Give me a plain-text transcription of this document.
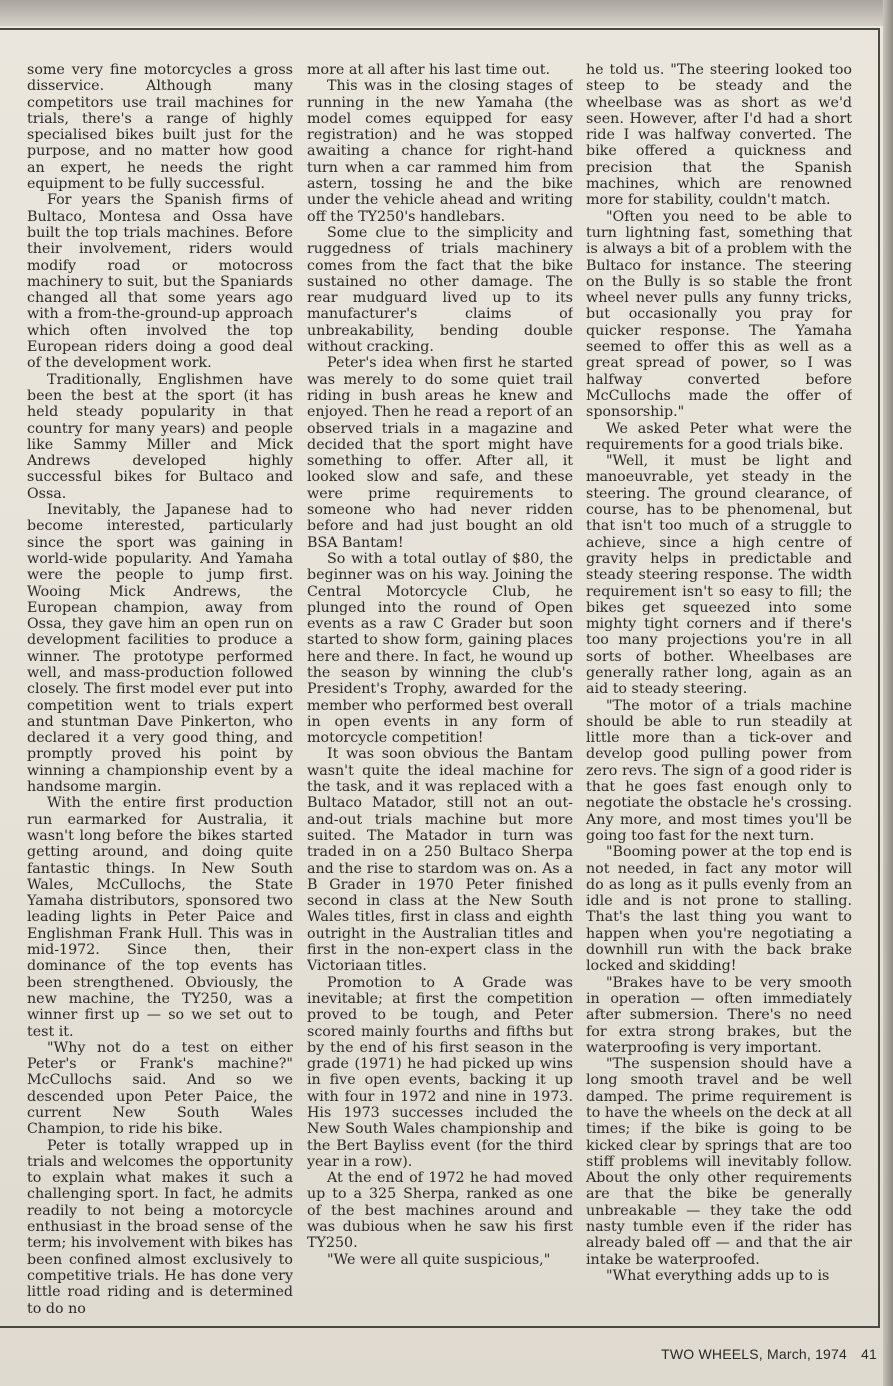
some very fine motorcycles a gross disservice. Although many competitors use trail machines for trials, there's a range of highly specialised bikes built just for the purpose, and no matter how good an expert, he needs the right equipment to be fully successful.

For years the Spanish firms of Bultaco, Montesa and Ossa have built the top trials machines. Before their involvement, riders would modify road or motocross machinery to suit, but the Spaniards changed all that some years ago with a from-the-ground-up approach which often involved the top European riders doing a good deal of the development work.

Traditionally, Englishmen have been the best at the sport (it has held steady popularity in that country for many years) and people like Sammy Miller and Mick Andrews developed highly successful bikes for Bultaco and Ossa.

Inevitably, the Japanese had to become interested, particularly since the sport was gaining in world-wide popularity. And Yamaha were the people to jump first. Wooing Mick Andrews, the European champion, away from Ossa, they gave him an open run on development facilities to produce a winner. The prototype performed well, and mass-production followed closely. The first model ever put into competition went to trials expert and stuntman Dave Pinkerton, who declared it a very good thing, and promptly proved his point by winning a championship event by a handsome margin.

With the entire first production run earmarked for Australia, it wasn't long before the bikes started getting around, and doing quite fantastic things. In New South Wales, McCullochs, the State Yamaha distributors, sponsored two leading lights in Peter Paice and Englishman Frank Hull. This was in mid-1972. Since then, their dominance of the top events has been strengthened. Obviously, the new machine, the TY250, was a winner first up — so we set out to test it.

"Why not do a test on either Peter's or Frank's machine?" McCullochs said. And so we descended upon Peter Paice, the current New South Wales Champion, to ride his bike.

Peter is totally wrapped up in trials and welcomes the opportunity to explain what makes it such a challenging sport. In fact, he admits readily to not being a motorcycle enthusiast in the broad sense of the term; his involvement with bikes has been confined almost exclusively to competitive trials. He has done very little road riding and is determined to do no

more at all after his last time out.

This was in the closing stages of running in the new Yamaha (the model comes equipped for easy registration) and he was stopped awaiting a chance for right-hand turn when a car rammed him from astern, tossing he and the bike under the vehicle ahead and writing off the TY250's handlebars.

Some clue to the simplicity and ruggedness of trials machinery comes from the fact that the bike sustained no other damage. The rear mudguard lived up to its manufacturer's claims of unbreakability, bending double without cracking.

Peter's idea when first he started was merely to do some quiet trail riding in bush areas he knew and enjoyed. Then he read a report of an observed trials in a magazine and decided that the sport might have something to offer. After all, it looked slow and safe, and these were prime requirements to someone who had never ridden before and had just bought an old BSA Bantam!

So with a total outlay of $80, the beginner was on his way. Joining the Central Motorcycle Club, he plunged into the round of Open events as a raw C Grader but soon started to show form, gaining places here and there. In fact, he wound up the season by winning the club's President's Trophy, awarded for the member who performed best overall in open events in any form of motorcycle competition!

It was soon obvious the Bantam wasn't quite the ideal machine for the task, and it was replaced with a Bultaco Matador, still not an out-and-out trials machine but more suited. The Matador in turn was traded in on a 250 Bultaco Sherpa and the rise to stardom was on. As a B Grader in 1970 Peter finished second in class at the New South Wales titles, first in class and eighth outright in the Australian titles and first in the non-expert class in the Victoriaan titles.

Promotion to A Grade was inevitable; at first the competition proved to be tough, and Peter scored mainly fourths and fifths but by the end of his first season in the grade (1971) he had picked up wins in five open events, backing it up with four in 1972 and nine in 1973. His 1973 successes included the New South Wales championship and the Bert Bayliss event (for the third year in a row).

At the end of 1972 he had moved up to a 325 Sherpa, ranked as one of the best machines around and was dubious when he saw his first TY250.

"We were all quite suspicious,"

he told us. "The steering looked too steep to be steady and the wheelbase was as short as we'd seen. However, after I'd had a short ride I was halfway converted. The bike offered a quickness and precision that the Spanish machines, which are renowned more for stability, couldn't match.

"Often you need to be able to turn lightning fast, something that is always a bit of a problem with the Bultaco for instance. The steering on the Bully is so stable the front wheel never pulls any funny tricks, but occasionally you pray for quicker response. The Yamaha seemed to offer this as well as a great spread of power, so I was halfway converted before McCullochs made the offer of sponsorship."

We asked Peter what were the requirements for a good trials bike.

"Well, it must be light and manoeuvrable, yet steady in the steering. The ground clearance, of course, has to be phenomenal, but that isn't too much of a struggle to achieve, since a high centre of gravity helps in predictable and steady steering response. The width requirement isn't so easy to fill; the bikes get squeezed into some mighty tight corners and if there's too many projections you're in all sorts of bother. Wheelbases are generally rather long, again as an aid to steady steering.

"The motor of a trials machine should be able to run steadily at little more than a tick-over and develop good pulling power from zero revs. The sign of a good rider is that he goes fast enough only to negotiate the obstacle he's crossing. Any more, and most times you'll be going too fast for the next turn.

"Booming power at the top end is not needed, in fact any motor will do as long as it pulls evenly from an idle and is not prone to stalling. That's the last thing you want to happen when you're negotiating a downhill run with the back brake locked and skidding!

"Brakes have to be very smooth in operation — often immediately after submersion. There's no need for extra strong brakes, but the waterproofing is very important.

"The suspension should have a long smooth travel and be well damped. The prime requirement is to have the wheels on the deck at all times; if the bike is going to be kicked clear by springs that are too stiff problems will inevitably follow. About the only other requirements are that the bike be generally unbreakable — they take the odd nasty tumble even if the rider has already baled off — and that the air intake be waterproofed.

"What everything adds up to is

TWO WHEELS, March, 1974 41
